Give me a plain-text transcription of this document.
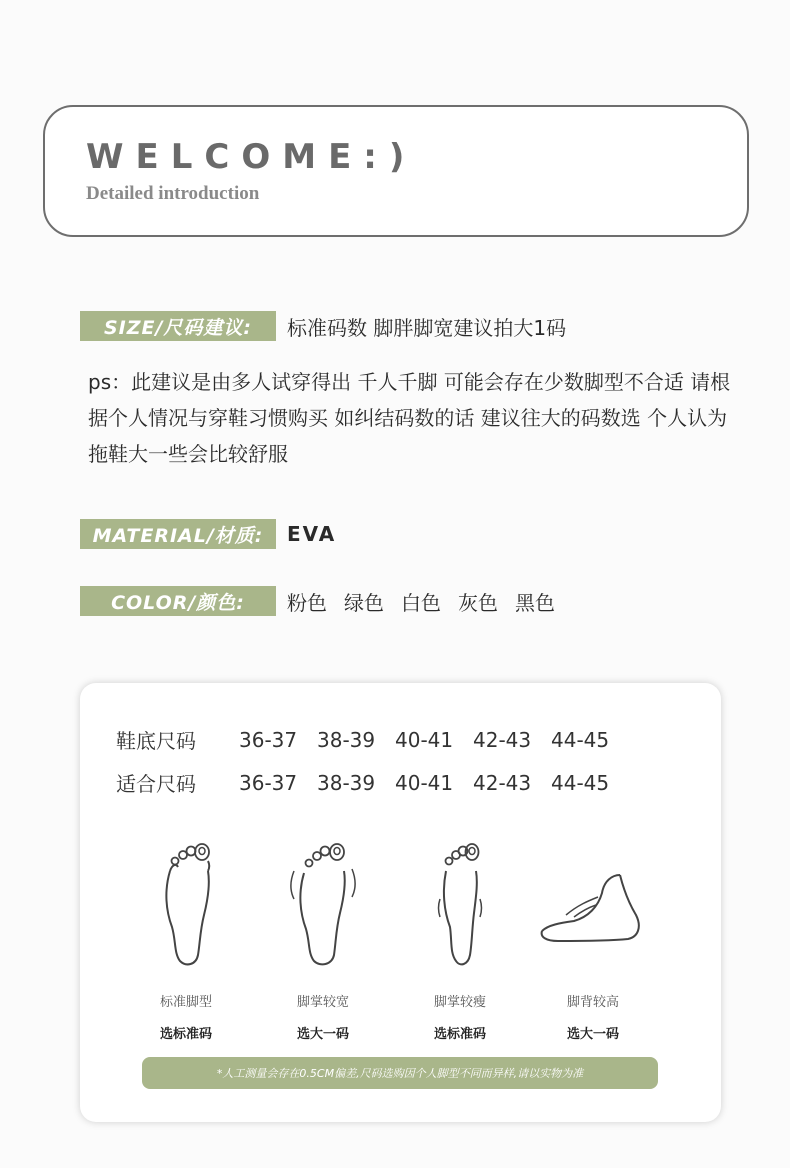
WELCOME:)
Detailed introduction
SIZE/尺码建议:	标准码数 脚胖脚宽建议拍大1码
ps：此建议是由多人试穿得出 千人千脚 可能会存在少数脚型不合适 请根据个人情况与穿鞋习惯购买 如纠结码数的话 建议往大的码数选 个人认为拖鞋大一些会比较舒服
MATERIAL/材质:	EVA
COLOR/颜色:	粉色 绿色 白色 灰色 黑色
鞋底尺码	36-37 38-39 40-41 42-43 44-45
适合尺码	36-37 38-39 40-41 42-43 44-45
标准脚型
选标准码
脚掌较宽
选大一码
脚掌较瘦
选标准码
脚背较高
选大一码
*人工测量会存在0.5CM偏差,尺码选购因个人脚型不同而异样,请以实物为准
